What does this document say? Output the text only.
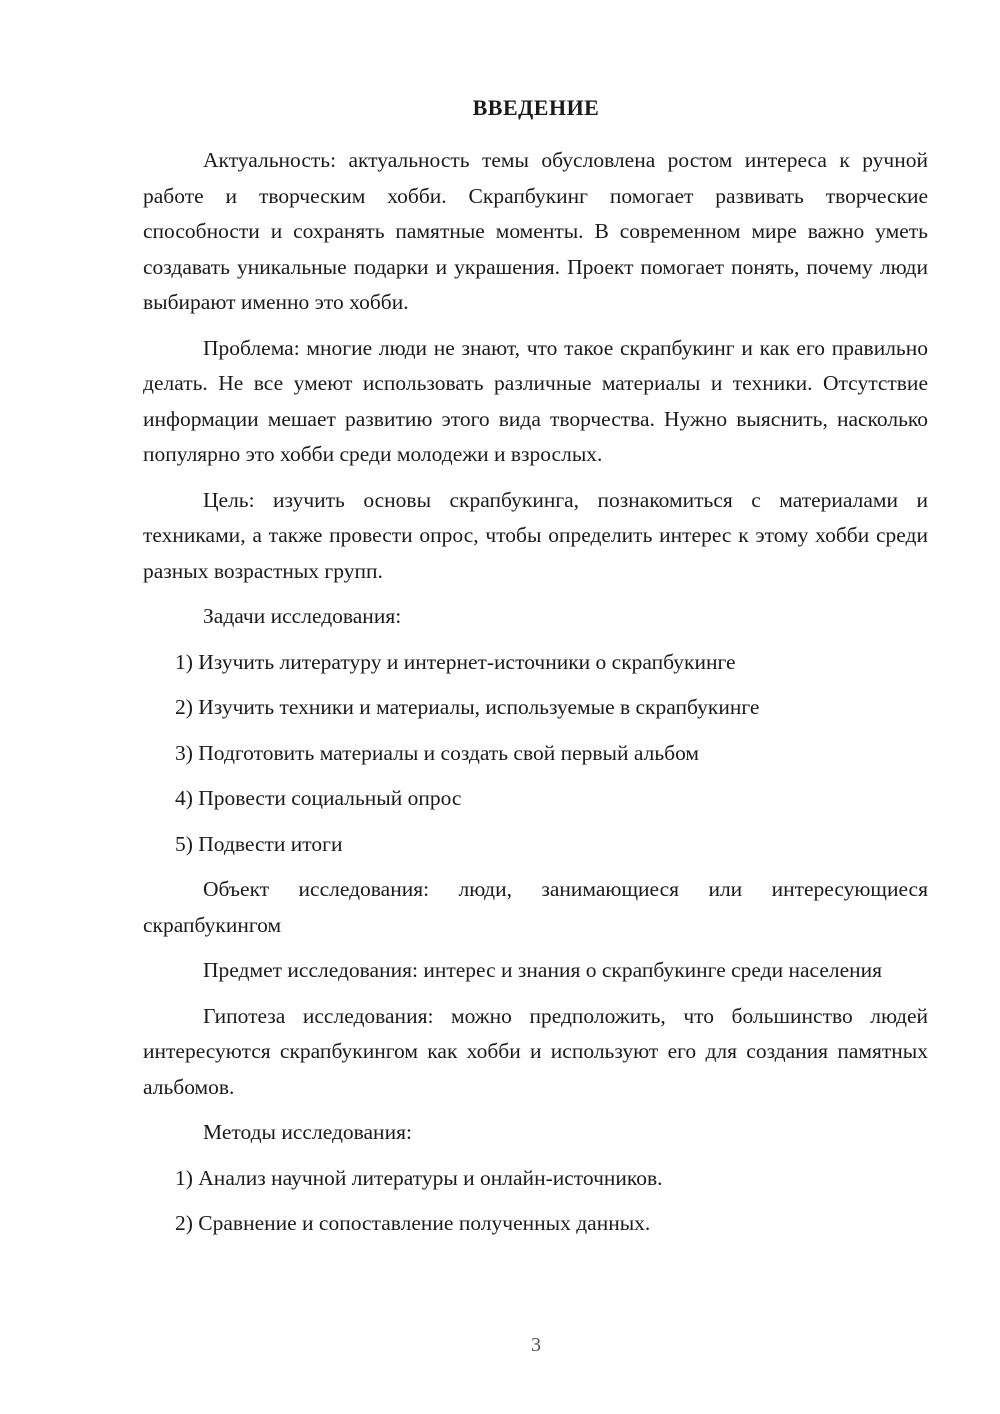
ВВЕДЕНИЕ

Актуальность: актуальность темы обусловлена ростом интереса к ручной работе и творческим хобби. Скрапбукинг помогает развивать творческие способности и сохранять памятные моменты. В современном мире важно уметь создавать уникальные подарки и украшения. Проект помогает понять, почему люди выбирают именно это хобби.

Проблема: многие люди не знают, что такое скрапбукинг и как его правильно делать. Не все умеют использовать различные материалы и техники. Отсутствие информации мешает развитию этого вида творчества. Нужно выяснить, насколько популярно это хобби среди молодежи и взрослых.

Цель: изучить основы скрапбукинга, познакомиться с материалами и техниками, а также провести опрос, чтобы определить интерес к этому хобби среди разных возрастных групп.

Задачи исследования:

1) Изучить литературу и интернет-источники о скрапбукинге

2) Изучить техники и материалы, используемые в скрапбукинге

3) Подготовить материалы и создать свой первый альбом

4) Провести социальный опрос

5) Подвести итоги

Объект исследования: люди, занимающиеся или интересующиеся скрапбукингом

Предмет исследования: интерес и знания о скрапбукинге среди населения

Гипотеза исследования: можно предположить, что большинство людей интересуются скрапбукингом как хобби и используют его для создания памятных альбомов.

Методы исследования:

1) Анализ научной литературы и онлайн-источников.

2) Сравнение и сопоставление полученных данных.

3
